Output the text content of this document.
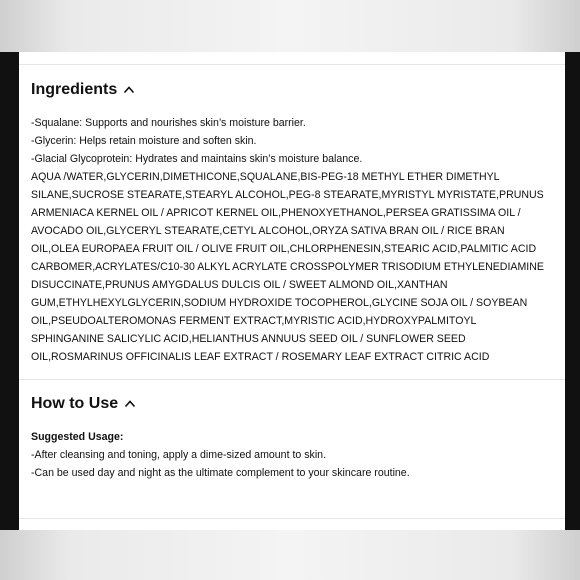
Ingredients

-Squalane: Supports and nourishes skin’s moisture barrier.

-Glycerin: Helps retain moisture and soften skin.

-Glacial Glycoprotein: Hydrates and maintains skin’s moisture balance.

AQUA /WATER,GLYCERIN,DIMETHICONE,SQUALANE,BIS-PEG-18 METHYL ETHER DIMETHYL SILANE,SUCROSE STEARATE,STEARYL ALCOHOL,PEG-8 STEARATE,MYRISTYL MYRISTATE,PRUNUS ARMENIACA KERNEL OIL / APRICOT KERNEL OIL,PHENOXYETHANOL,PERSEA GRATISSIMA OIL / AVOCADO OIL,GLYCERYL STEARATE,CETYL ALCOHOL,ORYZA SATIVA BRAN OIL / RICE BRAN OIL,OLEA EUROPAEA FRUIT OIL / OLIVE FRUIT OIL,CHLORPHENESIN,STEARIC ACID,PALMITIC ACID CARBOMER,ACRYLATES/C10-30 ALKYL ACRYLATE CROSSPOLYMER TRISODIUM ETHYLENEDIAMINE DISUCCINATE,PRUNUS AMYGDALUS DULCIS OIL / SWEET ALMOND OIL,XANTHAN GUM,ETHYLHEXYLGLYCERIN,SODIUM HYDROXIDE TOCOPHEROL,GLYCINE SOJA OIL / SOYBEAN OIL,PSEUDOALTEROMONAS FERMENT EXTRACT,MYRISTIC ACID,HYDROXYPALMITOYL SPHINGANINE SALICYLIC ACID,HELIANTHUS ANNUUS SEED OIL / SUNFLOWER SEED OIL,ROSMARINUS OFFICINALIS LEAF EXTRACT / ROSEMARY LEAF EXTRACT CITRIC ACID

How to Use

Suggested Usage:

-After cleansing and toning, apply a dime-sized amount to skin.

-Can be used day and night as the ultimate complement to your skincare routine.
